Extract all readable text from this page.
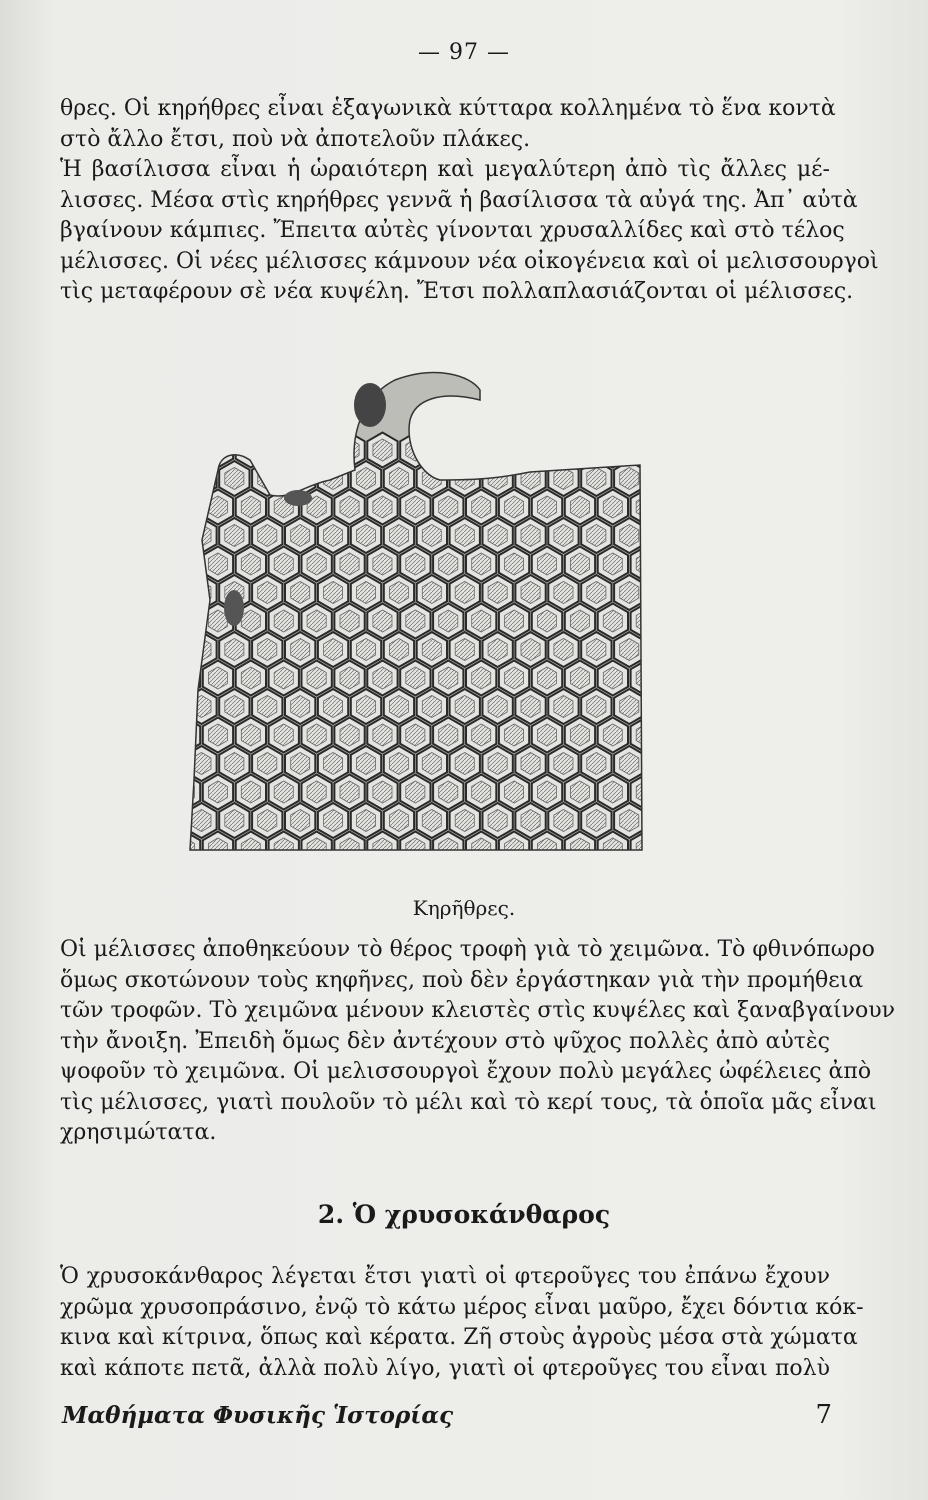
— 97 —
θρες. Οἱ κηρήθρες εἶναι ἑξαγωνικὰ κύτταρα κολλημένα τὸ ἕνα κοντὰ
στὸ ἄλλο ἔτσι, ποὺ νὰ ἀποτελοῦν πλάκες.
Ἡ βασίλισσα εἶναι ἡ ὡραιότερη καὶ μεγαλύτερη ἀπὸ τὶς ἄλλες μέ-
λισσες. Μέσα στὶς κηρήθρες γεννᾶ ἡ βασίλισσα τὰ αὐγά της. Ἀπ᾽ αὐτὰ
βγαίνουν κάμπιες. Ἔπειτα αὐτὲς γίνονται χρυσαλλίδες καὶ στὸ τέλος
μέλισσες. Οἱ νέες μέλισσες κάμνουν νέα οἰκογένεια καὶ οἱ μελισσουργοὶ
τὶς μεταφέρουν σὲ νέα κυψέλη. Ἔτσι πολλαπλασιάζονται οἱ μέλισσες.
Κηρῆθρες.
Οἱ μέλισσες ἀποθηκεύουν τὸ θέρος τροφὴ γιὰ τὸ χειμῶνα. Τὸ φθινόπωρο
ὅμως σκοτώνουν τοὺς κηφῆνες, ποὺ δὲν ἐργάστηκαν γιὰ τὴν προμήθεια
τῶν τροφῶν. Τὸ χειμῶνα μένουν κλειστὲς στὶς κυψέλες καὶ ξαναβγαίνουν
τὴν ἄνοιξη. Ἐπειδὴ ὅμως δὲν ἀντέχουν στὸ ψῦχος πολλὲς ἀπὸ αὐτὲς
ψοφοῦν τὸ χειμῶνα. Οἱ μελισσουργοὶ ἔχουν πολὺ μεγάλες ὠφέλειες ἀπὸ
τὶς μέλισσες, γιατὶ πουλοῦν τὸ μέλι καὶ τὸ κερί τους, τὰ ὁποῖα μᾶς εἶναι
χρησιμώτατα.
2. Ὁ χρυσοκάνθαρος
Ὁ χρυσοκάνθαρος λέγεται ἔτσι γιατὶ οἱ φτεροῦγες του ἐπάνω ἔχουν
χρῶμα χρυσοπράσινο, ἐνῷ τὸ κάτω μέρος εἶναι μαῦρο, ἔχει δόντια κόκ-
κινα καὶ κίτρινα, ὅπως καὶ κέρατα. Ζῆ στοὺς ἀγροὺς μέσα στὰ χώματα
καὶ κάποτε πετᾶ, ἀλλὰ πολὺ λίγο, γιατὶ οἱ φτεροῦγες του εἶναι πολὺ
Μαθήματα Φυσικῆς Ἱστορίας	7
